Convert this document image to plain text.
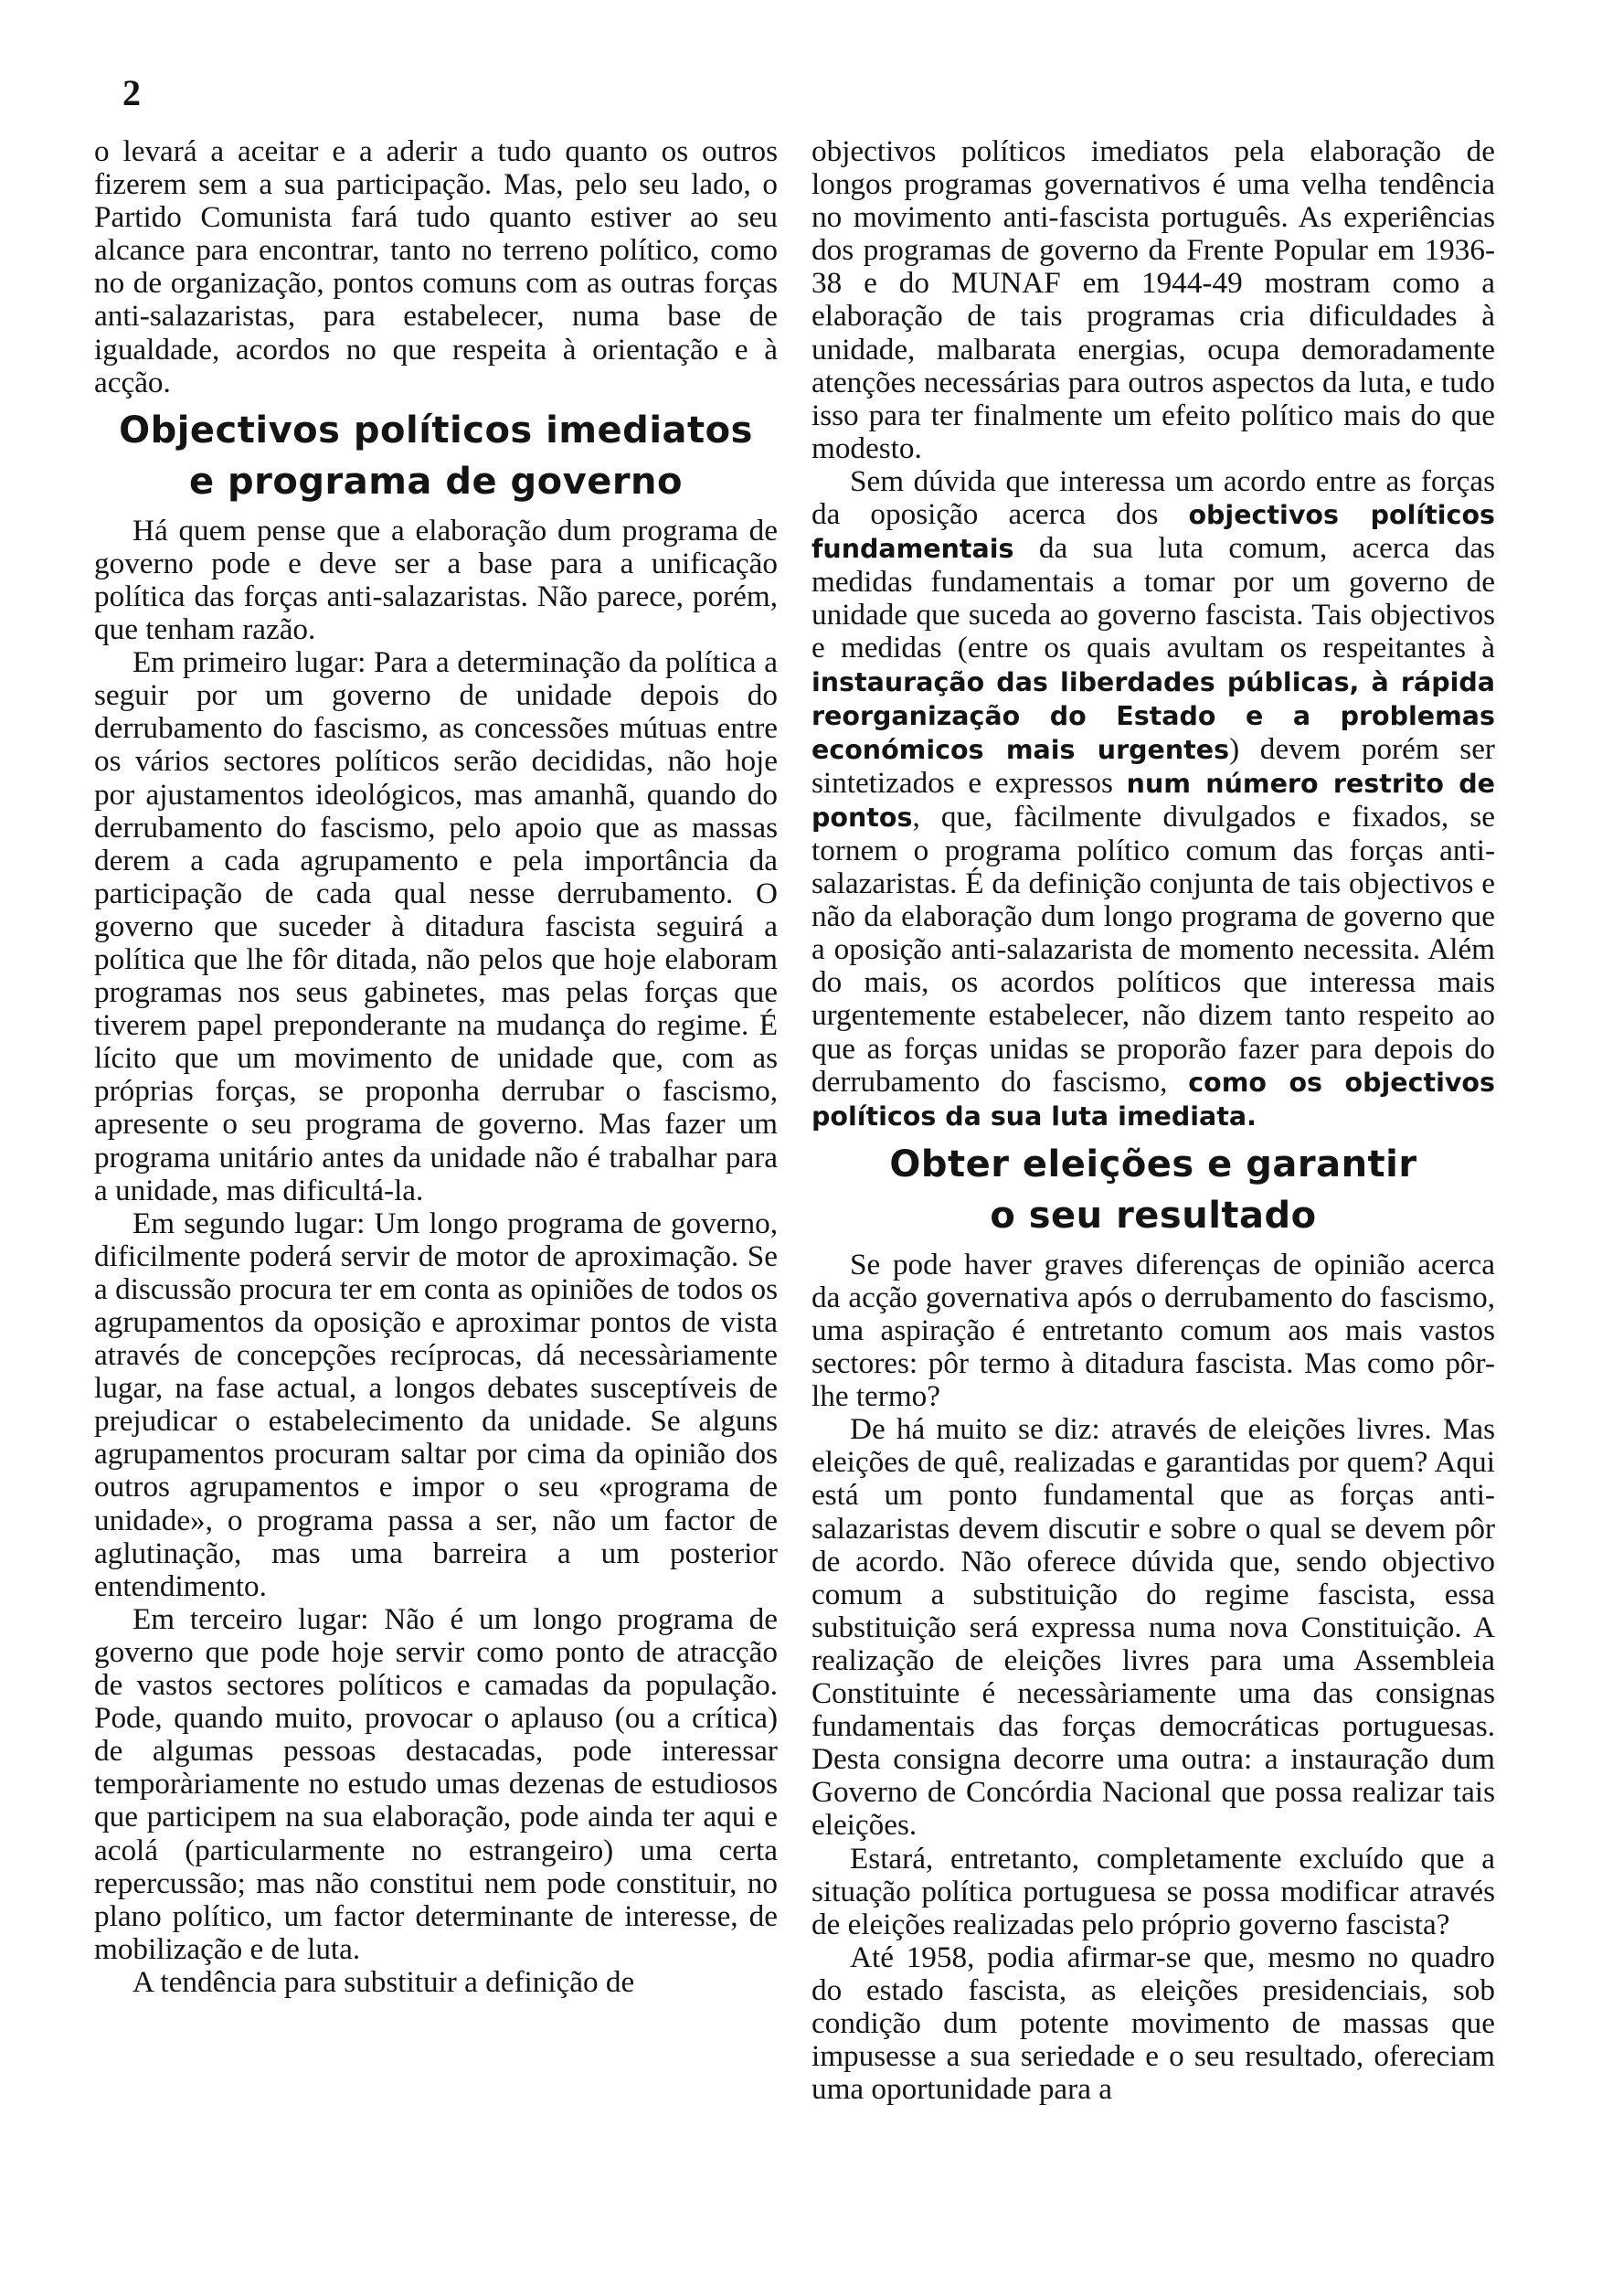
2

o levará a aceitar e a aderir a tudo quanto os outros fizerem sem a sua participação. Mas, pelo seu lado, o Partido Comunista fará tudo quanto estiver ao seu alcance para encontrar, tanto no terreno político, como no de organização, pontos comuns com as outras forças anti-salazaristas, para estabelecer, numa base de igualdade, acordos no que respeita à orientação e à acção.

Objectivos políticos imediatos
e programa de governo

Há quem pense que a elaboração dum programa de governo pode e deve ser a base para a unificação política das forças anti-salazaristas. Não parece, porém, que tenham razão.

Em primeiro lugar: Para a determinação da política a seguir por um governo de unidade depois do derrubamento do fascismo, as concessões mútuas entre os vários sectores políticos serão decididas, não hoje por ajustamentos ideológicos, mas amanhã, quando do derrubamento do fascismo, pelo apoio que as massas derem a cada agrupamento e pela importância da participação de cada qual nesse derrubamento. O governo que suceder à ditadura fascista seguirá a política que lhe fôr ditada, não pelos que hoje elaboram programas nos seus gabinetes, mas pelas forças que tiverem papel preponderante na mudança do regime. É lícito que um movimento de unidade que, com as próprias forças, se proponha derrubar o fascismo, apresente o seu programa de governo. Mas fazer um programa unitário antes da unidade não é trabalhar para a unidade, mas dificultá-la.

Em segundo lugar: Um longo programa de governo, dificilmente poderá servir de motor de aproximação. Se a discussão procura ter em conta as opiniões de todos os agrupamentos da oposição e aproximar pontos de vista através de concepções recíprocas, dá necessàriamente lugar, na fase actual, a longos debates susceptíveis de prejudicar o estabelecimento da unidade. Se alguns agrupamentos procuram saltar por cima da opinião dos outros agrupamentos e impor o seu «programa de unidade», o programa passa a ser, não um factor de aglutinação, mas uma barreira a um posterior entendimento.

Em terceiro lugar: Não é um longo programa de governo que pode hoje servir como ponto de atracção de vastos sectores políticos e camadas da população. Pode, quando muito, provocar o aplauso (ou a crítica) de algumas pessoas destacadas, pode interessar temporàriamente no estudo umas dezenas de estudiosos que participem na sua elaboração, pode ainda ter aqui e acolá (particularmente no estrangeiro) uma certa repercussão; mas não constitui nem pode constituir, no plano político, um factor determinante de interesse, de mobilização e de luta.

A tendência para substituir a definição de

objectivos políticos imediatos pela elaboração de longos programas governativos é uma velha tendência no movimento anti-fascista português. As experiências dos programas de governo da Frente Popular em 1936-38 e do MUNAF em 1944-49 mostram como a elaboração de tais programas cria dificuldades à unidade, malbarata energias, ocupa demoradamente atenções necessárias para outros aspectos da luta, e tudo isso para ter finalmente um efeito político mais do que modesto.

Sem dúvida que interessa um acordo entre as forças da oposição acerca dos objectivos políticos fundamentais da sua luta comum, acerca das medidas fundamentais a tomar por um governo de unidade que suceda ao governo fascista. Tais objectivos e medidas (entre os quais avultam os respeitantes à instauração das liberdades públicas, à rápida reorganização do Estado e a problemas económicos mais urgentes) devem porém ser sintetizados e expressos num número restrito de pontos, que, fàcilmente divulgados e fixados, se tornem o programa político comum das forças anti-salazaristas. É da definição conjunta de tais objectivos e não da elaboração dum longo programa de governo que a oposição anti-salazarista de momento necessita. Além do mais, os acordos políticos que interessa mais urgentemente estabelecer, não dizem tanto respeito ao que as forças unidas se proporão fazer para depois do derrubamento do fascismo, como os objectivos políticos da sua luta imediata.

Obter eleições e garantir
o seu resultado

Se pode haver graves diferenças de opinião acerca da acção governativa após o derrubamento do fascismo, uma aspiração é entretanto comum aos mais vastos sectores: pôr termo à ditadura fascista. Mas como pôr-lhe termo?

De há muito se diz: através de eleições livres. Mas eleições de quê, realizadas e garantidas por quem? Aqui está um ponto fundamental que as forças anti-salazaristas devem discutir e sobre o qual se devem pôr de acordo. Não oferece dúvida que, sendo objectivo comum a substituição do regime fascista, essa substituição será expressa numa nova Constituição. A realização de eleições livres para uma Assembleia Constituinte é necessàriamente uma das consignas fundamentais das forças democráticas portuguesas. Desta consigna decorre uma outra: a instauração dum Governo de Concórdia Nacional que possa realizar tais eleições.

Estará, entretanto, completamente excluído que a situação política portuguesa se possa modificar através de eleições realizadas pelo próprio governo fascista?

Até 1958, podia afirmar-se que, mesmo no quadro do estado fascista, as eleições presidenciais, sob condição dum potente movimento de massas que impusesse a sua seriedade e o seu resultado, ofereciam uma oportunidade para a
